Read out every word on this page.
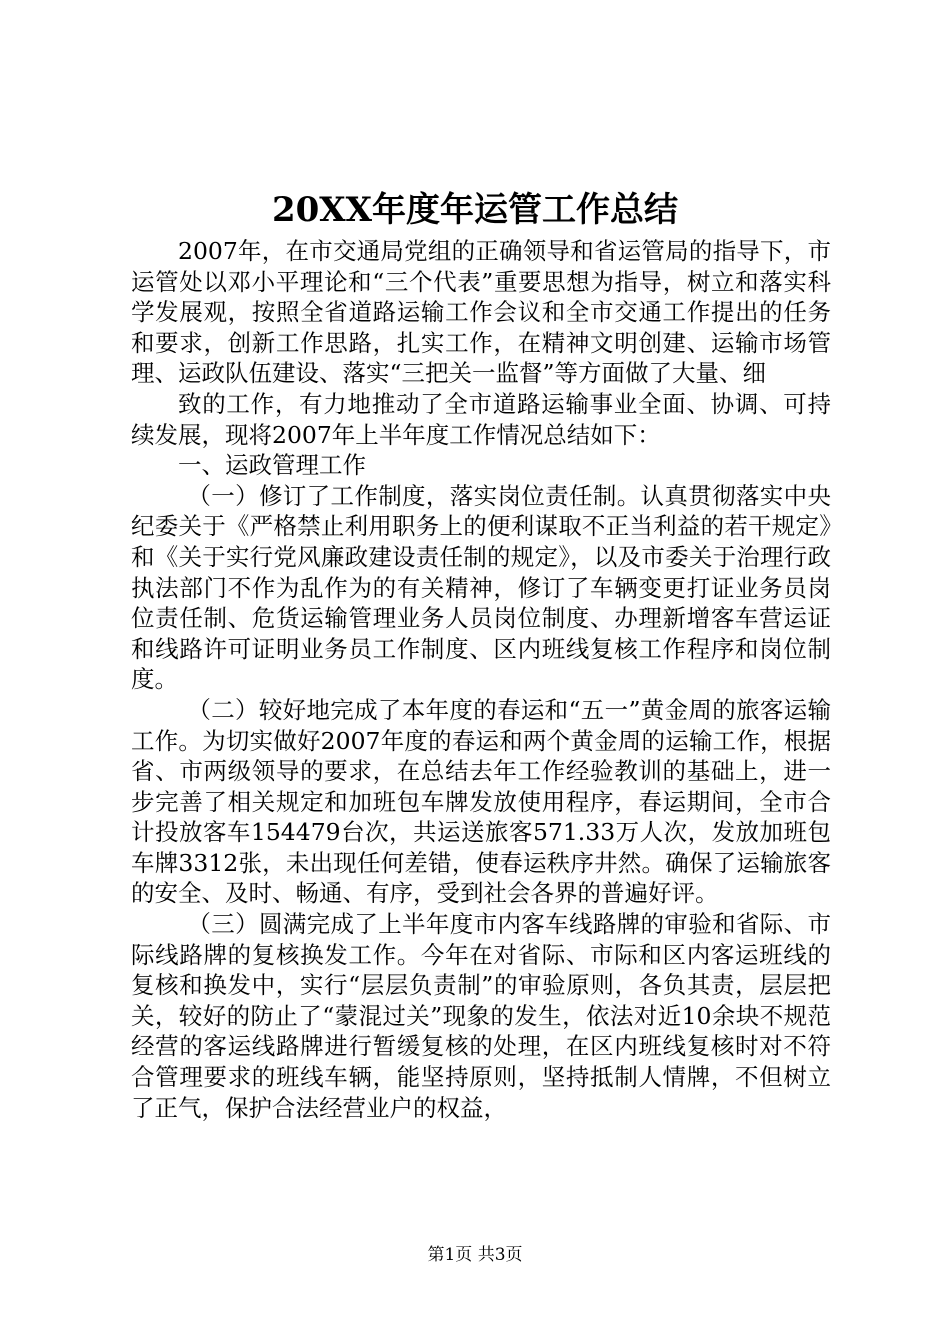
20XX年度年运管工作总结

2007年，在市交通局党组的正确领导和省运管局的指导下，市运管处以邓小平理论和“三个代表”重要思想为指导，树立和落实科学发展观，按照全省道路运输工作会议和全市交通工作提出的任务和要求，创新工作思路，扎实工作，在精神文明创建、运输市场管理、运政队伍建设、落实“三把关一监督”等方面做了大量、细

致的工作，有力地推动了全市道路运输事业全面、协调、可持续发展，现将2007年上半年度工作情况总结如下：

一、运政管理工作

（一）修订了工作制度，落实岗位责任制。认真贯彻落实中央纪委关于《严格禁止利用职务上的便利谋取不正当利益的若干规定》和《关于实行党风廉政建设责任制的规定》，以及市委关于治理行政执法部门不作为乱作为的有关精神，修订了车辆变更打证业务员岗位责任制、危货运输管理业务人员岗位制度、办理新增客车营运证和线路许可证明业务员工作制度、区内班线复核工作程序和岗位制度。

（二）较好地完成了本年度的春运和“五一”黄金周的旅客运输工作。为切实做好2007年度的春运和两个黄金周的运输工作，根据省、市两级领导的要求，在总结去年工作经验教训的基础上，进一步完善了相关规定和加班包车牌发放使用程序，春运期间，全市合计投放客车154479台次，共运送旅客571.33万人次，发放加班包车牌3312张，未出现任何差错，使春运秩序井然。确保了运输旅客的安全、及时、畅通、有序，受到社会各界的普遍好评。

（三）圆满完成了上半年度市内客车线路牌的审验和省际、市际线路牌的复核换发工作。今年在对省际、市际和区内客运班线的复核和换发中，实行“层层负责制”的审验原则，各负其责，层层把关，较好的防止了“蒙混过关”现象的发生，依法对近10余块不规范经营的客运线路牌进行暂缓复核的处理，在区内班线复核时对不符合管理要求的班线车辆，能坚持原则，坚持抵制人情牌，不但树立了正气，保护合法经营业户的权益，

第1页 共3页
